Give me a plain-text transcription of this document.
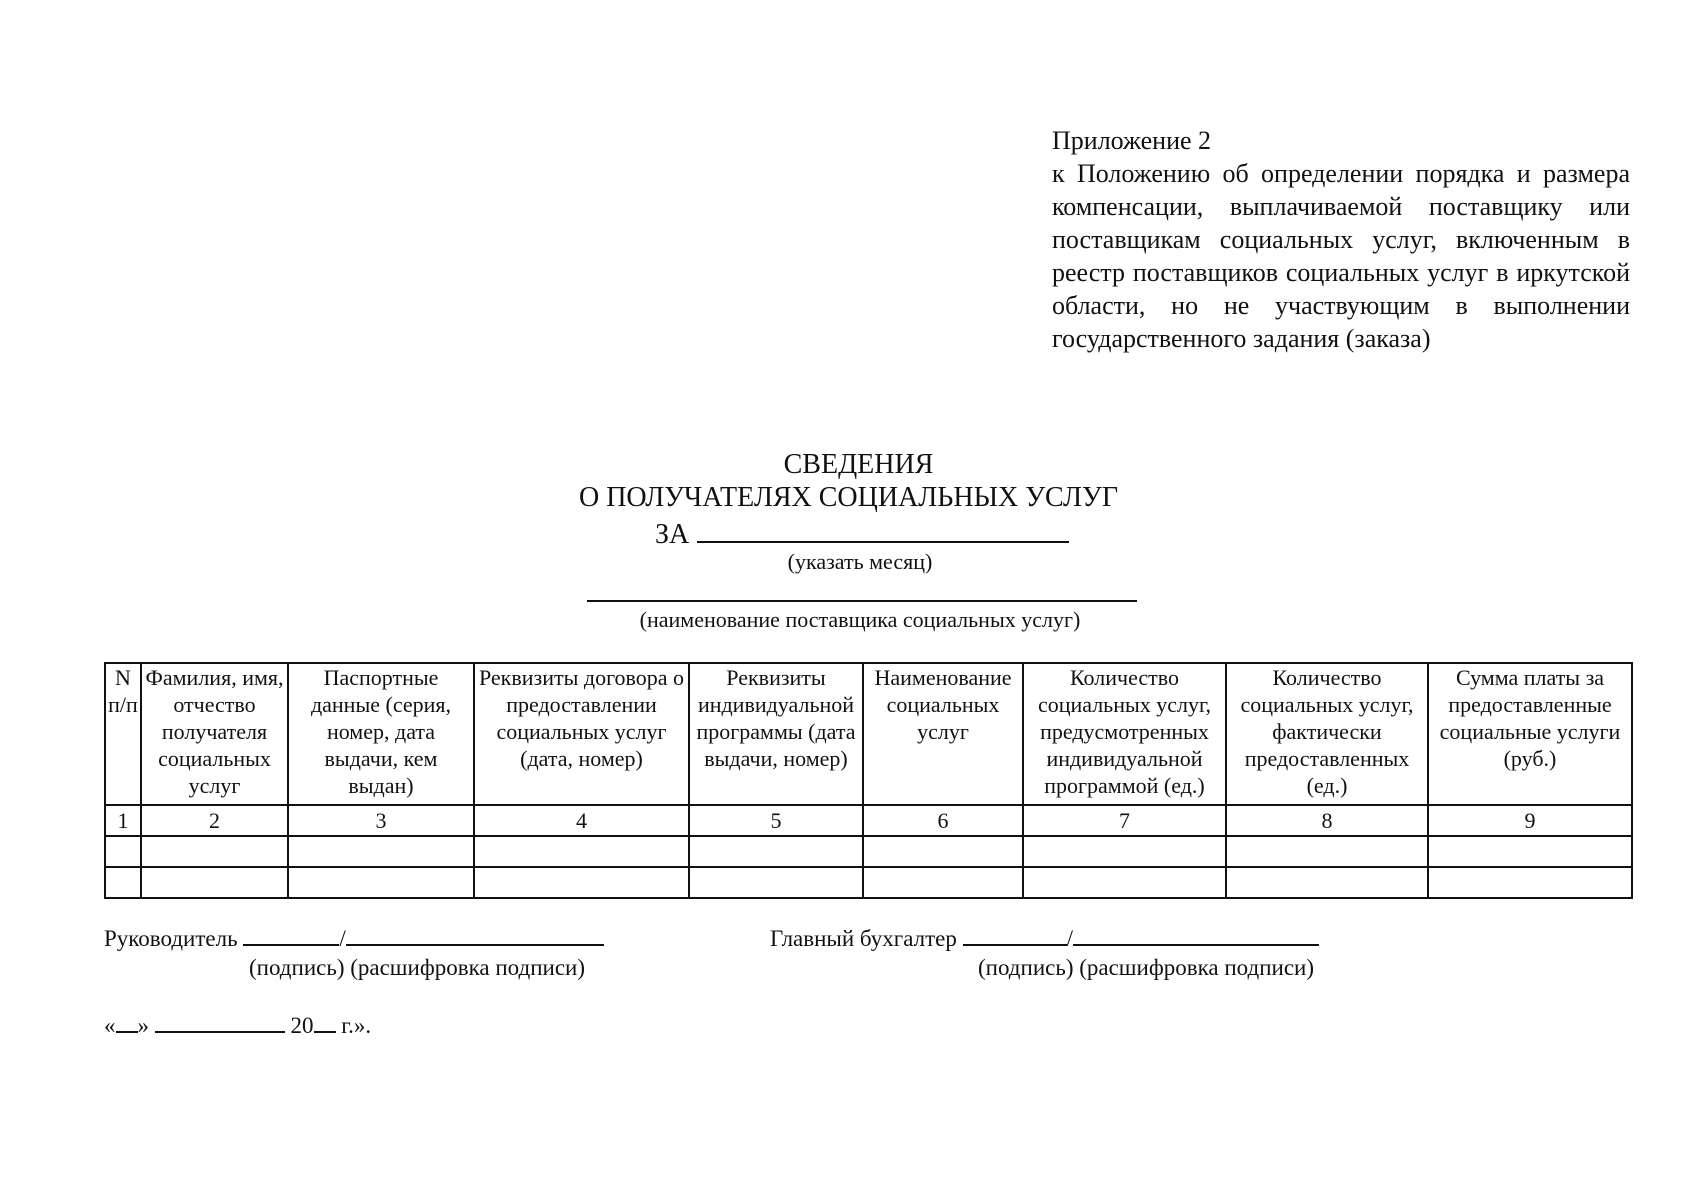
Приложение 2
к Положению об определении порядка и размера компенсации, выплачиваемой поставщику или поставщикам социальных услуг, включенным в реестр поставщиков социальных услуг в иркутской области, но не участвующим в выполнении государственного задания (заказа)
СВЕДЕНИЯ
О ПОЛУЧАТЕЛЯХ СОЦИАЛЬНЫХ УСЛУГ
ЗА
(указать месяц)
(наименование поставщика социальных услуг)
N п/п	Фамилия, имя, отчество получателя социальных услуг	Паспортные данные (серия, номер, дата выдачи, кем выдан)	Реквизиты договора о предоставлении социальных услуг (дата, номер)	Реквизиты индивидуальной программы (дата выдачи, номер)	Наименование социальных услуг	Количество социальных услуг, предусмотренных индивидуальной программой (ед.)	Количество социальных услуг, фактически предоставленных (ед.)	Сумма платы за предоставленные социальные услуги (руб.)
1	2	3	4	5	6	7	8	9

Руководитель	/
(подпись) (расшифровка подписи)
Главный бухгалтер	/
(подпись) (расшифровка подписи)
« »	20 г.».
